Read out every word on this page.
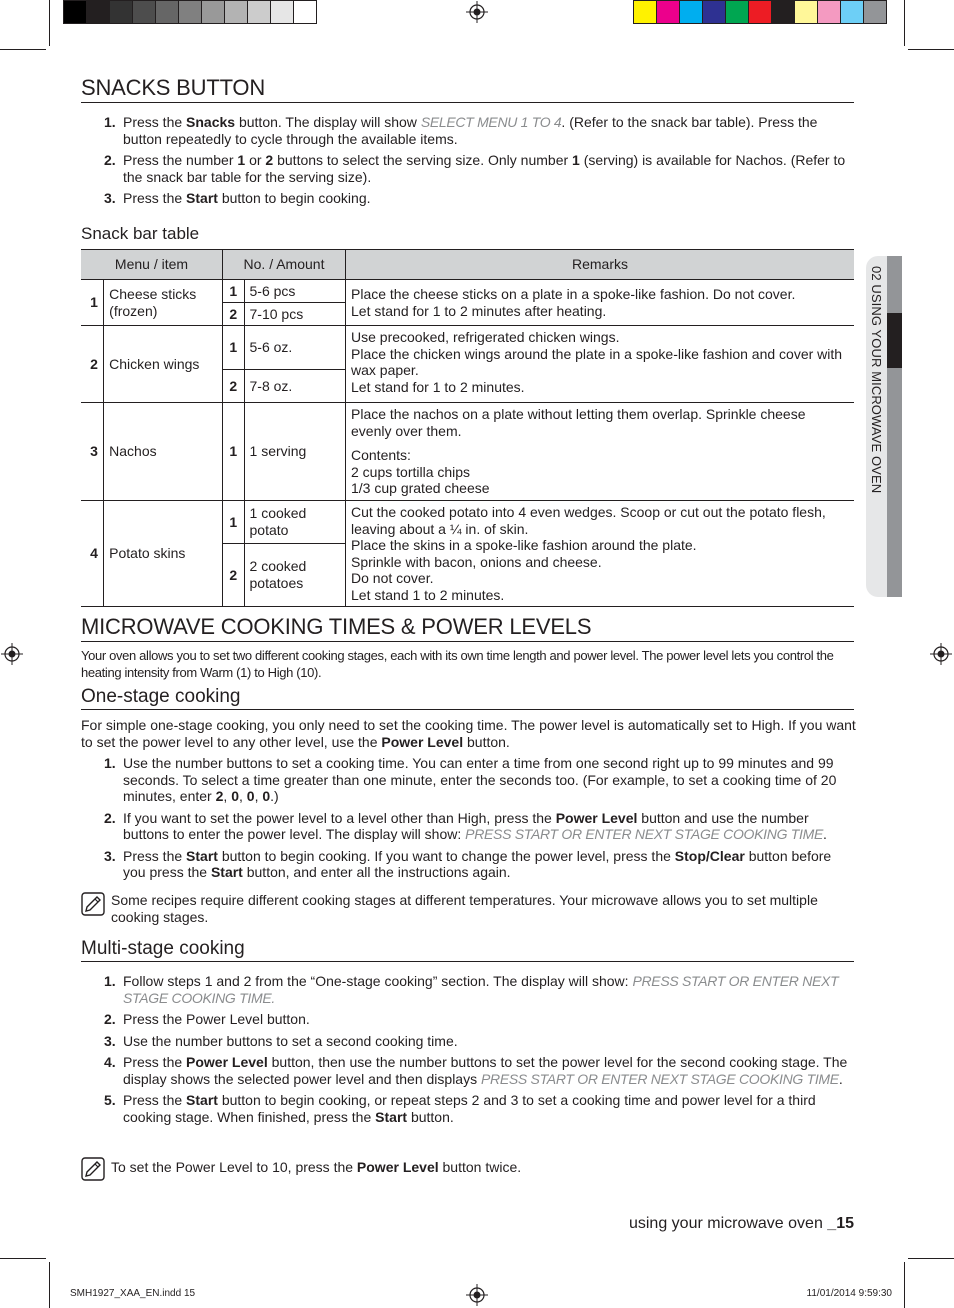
02 USING YOUR MICROWAVE OVEN
SNACKS BUTTON
1. Press the Snacks button. The display will show SELECT MENU 1 TO 4. (Refer to the snack bar table). Press the button repeatedly to cycle through the available items.
2. Press the number 1 or 2 buttons to select the serving size. Only number 1 (serving) is available for Nachos. (Refer to the snack bar table for the serving size).
3. Press the Start button to begin cooking.
Snack bar table
Menu / item		No. / Amount		Remarks
1	Cheese sticks (frozen)	1	5-6 pcs	Place the cheese sticks on a plate in a spoke-like fashion. Do not cover.
Let stand for 1 to 2 minutes after heating.

		2	7-10 pcs	
2	Chicken wings	1	5-6 oz.	Use precooked, refrigerated chicken wings.
Place the chicken wings around the plate in a spoke-like fashion and cover with wax paper.
Let stand for 1 to 2 minutes.

		2	7-8 oz.	
3	Nachos	1	1 serving	Place the nachos on a plate without letting them overlap. Sprinkle cheese evenly over them.
Contents:
2 cups tortilla chips
1/3 cup grated cheese

4	Potato skins	1	1 cooked potato	Cut the cooked potato into 4 even wedges. Scoop or cut out the potato flesh, leaving about a ¼ in. of skin.
Place the skins in a spoke-like fashion around the plate.
Sprinkle with bacon, onions and cheese.
Do not cover.
Let stand 1 to 2 minutes.

		2	2 cooked potatoes	
MICROWAVE COOKING TIMES & POWER LEVELS
Your oven allows you to set two different cooking stages, each with its own time length and power level. The power level lets you control the heating intensity from Warm (1) to High (10).
One-stage cooking
For simple one-stage cooking, you only need to set the cooking time. The power level is automatically set to High. If you want to set the power level to any other level, use the Power Level button.
1. Use the number buttons to set a cooking time. You can enter a time from one second right up to 99 minutes and 99 seconds. To select a time greater than one minute, enter the seconds too. (For example, to set a cooking time of 20 minutes, enter 2, 0, 0, 0.)
2. If you want to set the power level to a level other than High, press the Power Level button and use the number buttons to enter the power level. The display will show: PRESS START OR ENTER NEXT STAGE COOKING TIME.
3. Press the Start button to begin cooking. If you want to change the power level, press the Stop/Clear button before you press the Start button, and enter all the instructions again.
Some recipes require different cooking stages at different temperatures. Your microwave allows you to set multiple cooking stages.
Multi-stage cooking
1. Follow steps 1 and 2 from the “One-stage cooking” section. The display will show: PRESS START OR ENTER NEXT STAGE COOKING TIME.
2. Press the Power Level button.
3. Use the number buttons to set a second cooking time.
4. Press the Power Level button, then use the number buttons to set the power level for the second cooking stage. The display shows the selected power level and then displays PRESS START OR ENTER NEXT STAGE COOKING TIME.
5. Press the Start button to begin cooking, or repeat steps 2 and 3 to set a cooking time and power level for a third cooking stage. When finished, press the Start button.
To set the Power Level to 10, press the Power Level button twice.
using your microwave oven _15
SMH1927_XAA_EN.indd 15	11/01/2014 9:59:30
